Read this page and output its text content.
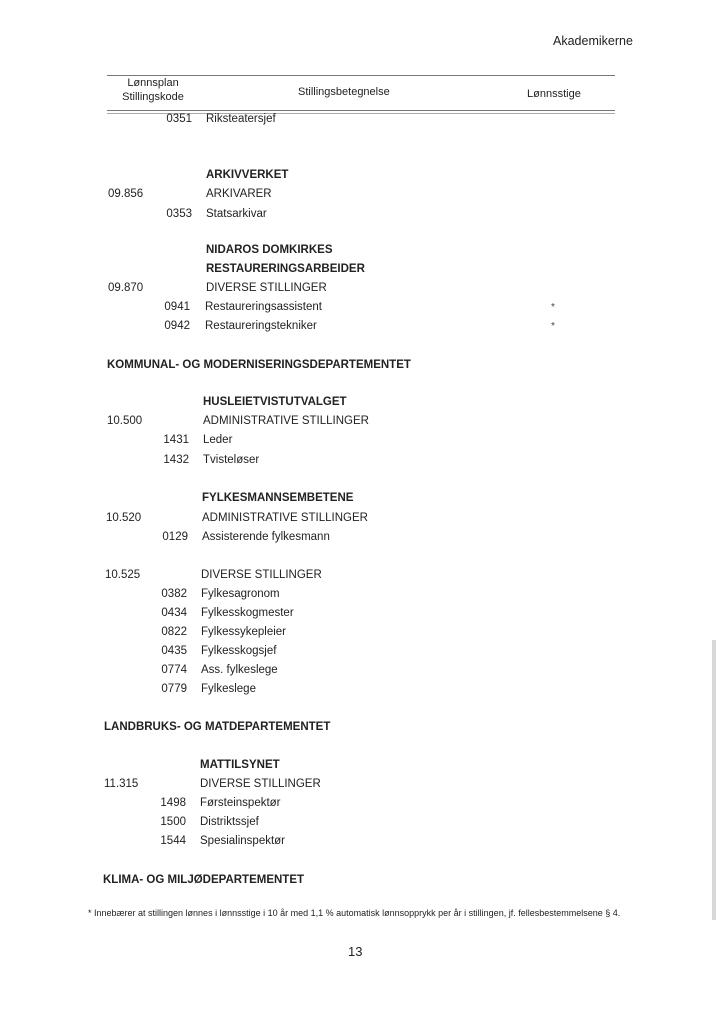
Akademikerne
Lønnsplan
Stillingskode	Stillingsbetegnelse	Lønnsstige
0351 Riksteatersjef
ARKIVVERKET
09.856	ARKIVARER
0353 Statsarkivar
NIDAROS DOMKIRKES
RESTAURERINGSARBEIDER
09.870	DIVERSE STILLINGER
0941 Restaureringsassistent	*
0942 Restaureringstekniker	*
KOMMUNAL- OG MODERNISERINGSDEPARTEMENTET
HUSLEIETVISTUTVALGET
10.500	ADMINISTRATIVE STILLINGER
1431 Leder
1432 Tvisteløser
FYLKESMANNSEMBETENE
10.520	ADMINISTRATIVE STILLINGER
0129 Assisterende fylkesmann
10.525	DIVERSE STILLINGER
0382 Fylkesagronom
0434 Fylkesskogmester
0822 Fylkessykepleier
0435 Fylkesskogsjef
0774 Ass. fylkeslege
0779 Fylkeslege
LANDBRUKS- OG MATDEPARTEMENTET
MATTILSYNET
11.315	DIVERSE STILLINGER
1498 Førsteinspektør
1500 Distriktssjef
1544 Spesialinspektør
KLIMA- OG MILJØDEPARTEMENTET
* Innebærer at stillingen lønnes i lønnsstige i 10 år med 1,1 % automatisk lønnsopprykk per år i stillingen, jf. fellesbestemmelsene § 4.
13
